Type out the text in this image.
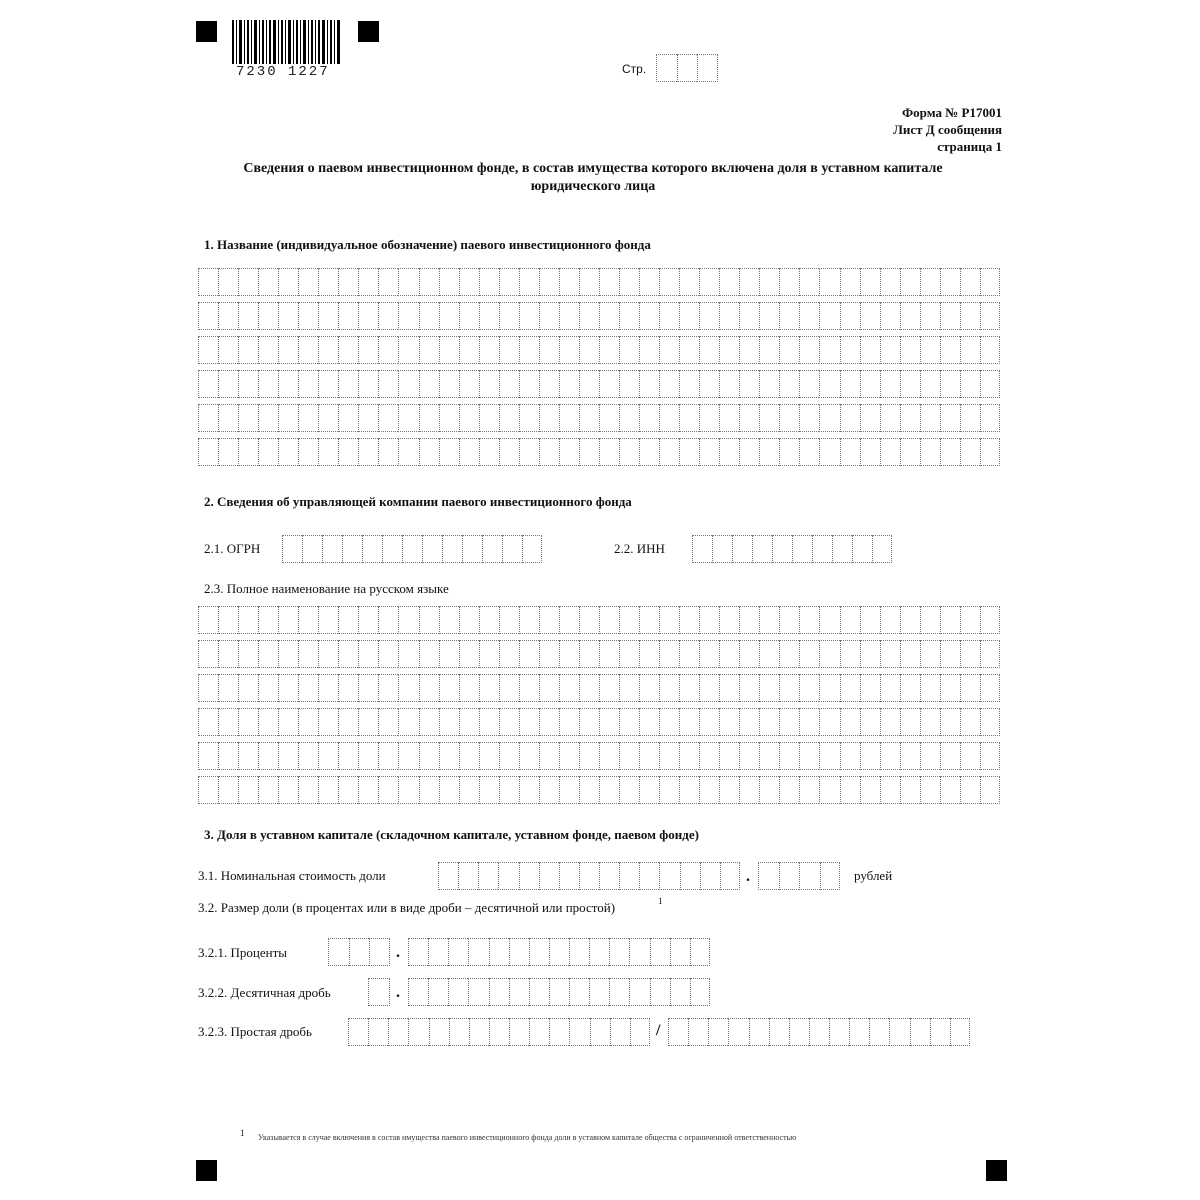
7230 1227	Стр.
Форма № Р17001
Лист Д сообщения
страница 1
Сведения о паевом инвестиционном фонде, в состав имущества которого включена доля в уставном капитале юридического лица
1. Название (индивидуальное обозначение) паевого инвестиционного фонда
2. Сведения об управляющей компании паевого инвестиционного фонда
2.1. ОГРН	2.2. ИНН
2.3. Полное наименование на русском языке
3. Доля в уставном капитале (складочном капитале, уставном фонде, паевом фонде)
3.1. Номинальная стоимость доли	.	рублей
3.2. Размер доли (в процентах или в виде дроби – десятичной или простой)	1
3.2.1. Проценты	.
3.2.2. Десятичная дробь	.
3.2.3. Простая дробь	/
1 Указывается в случае включения в состав имущества паевого инвестиционного фонда доли в уставном капитале общества с ограниченной ответственностью
